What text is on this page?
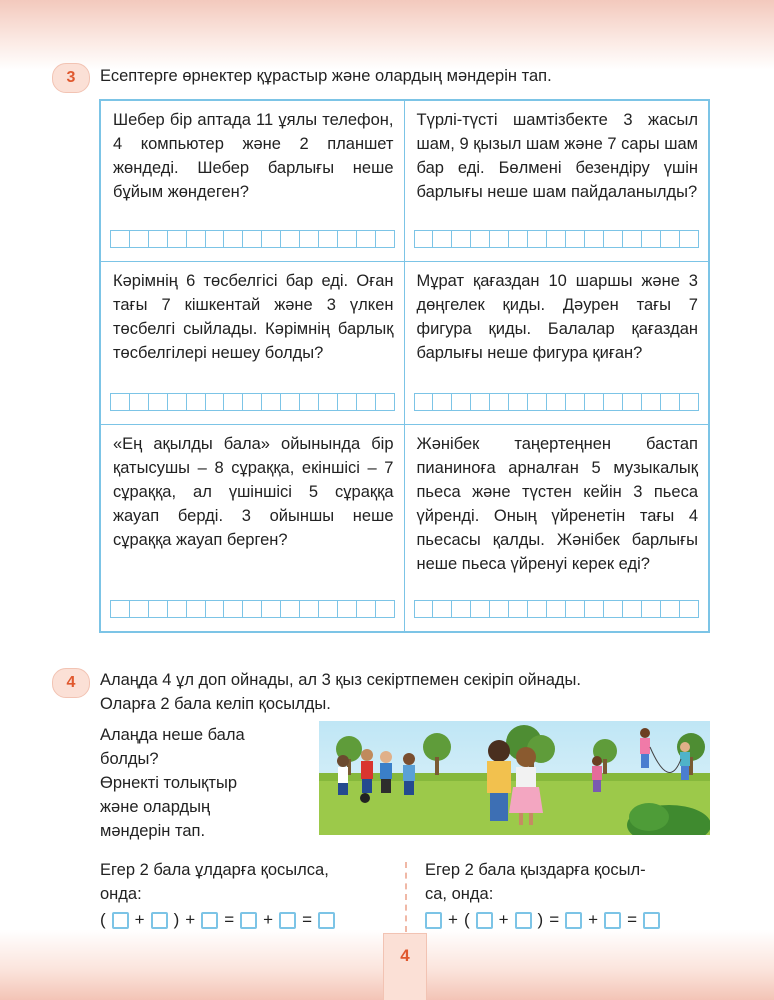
3	Есептерге өрнектер құрастыр және олардың мәндерін тап.

Шебер бір аптада 11 ұялы телефон, 4 компьютер және 2 планшет жөндеді. Шебер барлығы неше бұйым жөндеген?

Түрлі-түсті шамтізбекте 3 жасыл шам, 9 қызыл шам және 7 сары шам бар еді. Бөлмені безендіру үшін барлығы неше шам пайдаланылды?

Кәрімнің 6 төсбелгісі бар еді. Оған тағы 7 кішкентай және 3 үлкен төсбелгі сыйлады. Кәрімнің барлық төсбелгілері нешеу болды?

Мұрат қағаздан 10 шаршы және 3 дөңгелек қиды. Дәурен тағы 7 фигура қиды. Балалар қағаздан барлығы неше фигура қиған?

«Ең ақылды бала» ойынында бір қатысушы – 8 сұраққа, екіншісі – 7 сұраққа, ал үшіншісі 5 сұраққа жауап берді. 3 ойыншы неше сұраққа жауап берген?

Жәнібек таңертеңнен бастап пианиноға арналған 5 музыкалық пьеса және түстен кейін 3 пьеса үйренді. Оның үйренетін тағы 4 пьесасы қалды. Жәнібек барлығы неше пьеса үйренуі керек еді?

4	Алаңда 4 ұл доп ойнады, ал 3 қыз секіртпемен секіріп ойнады.
Оларға 2 бала келіп қосылды.
Алаңда неше бала
болды?
Өрнекті толықтыр
және олардың
мәндерін тап.
Егер 2 бала ұлдарға қосылса,
онда:
Егер 2 бала қыздарға қосыл-
са, онда:
( + ) + = + =	+ ( + ) = + =
4
